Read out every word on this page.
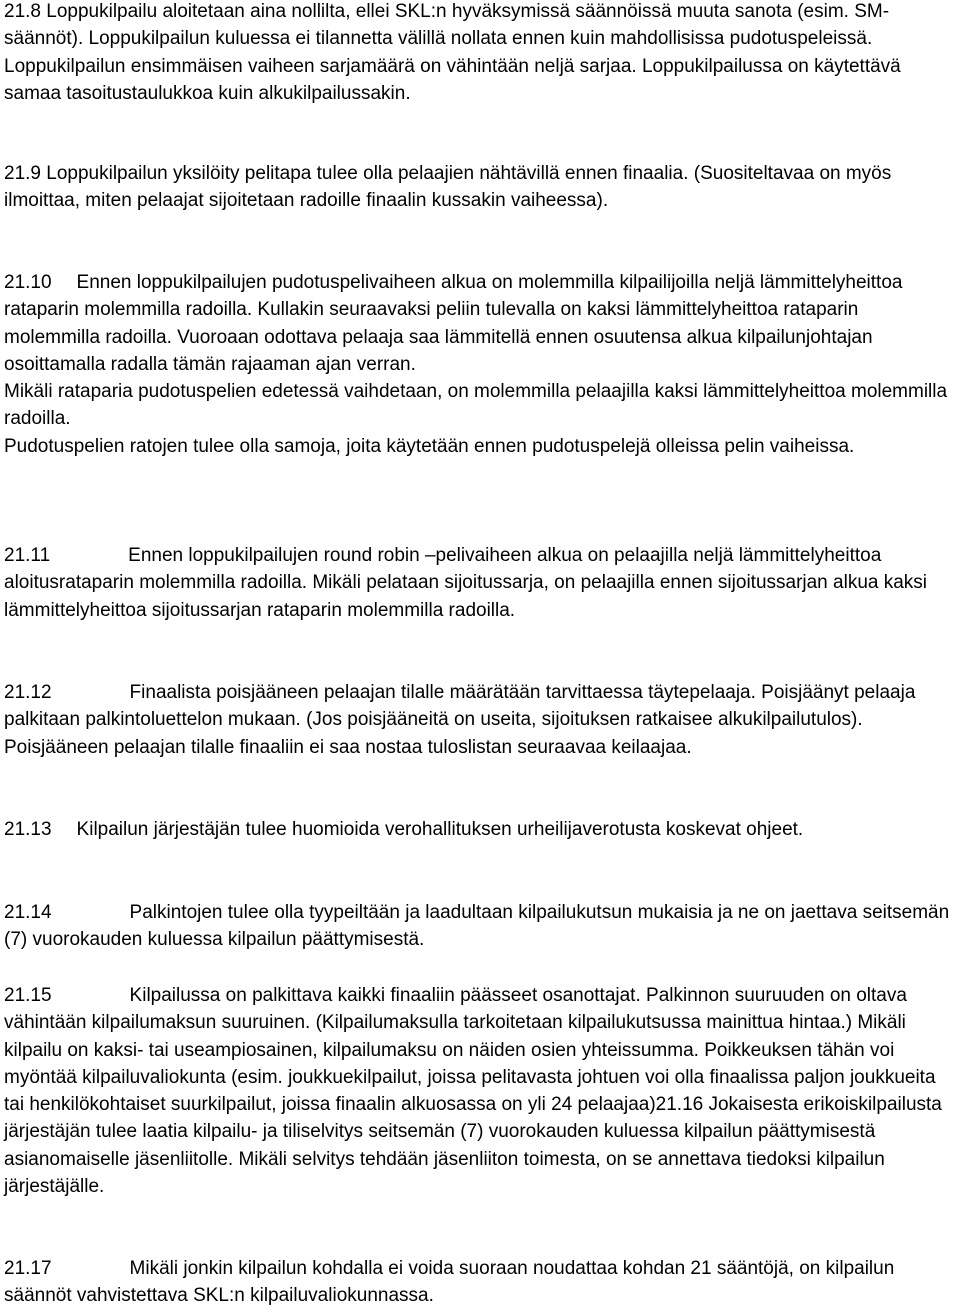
21.8 Loppukilpailu aloitetaan aina nollilta, ellei SKL:n hyväksymissä säännöissä muuta sanota (esim. SM-säännöt). Loppukilpailun kuluessa ei tilannetta välillä nollata ennen kuin mahdollisissa pudotuspeleissä. Loppukilpailun ensimmäisen vaiheen sarjamäärä on vähintään neljä sarjaa. Loppukilpailussa on käytettävä samaa tasoitustaulukkoa kuin alkukilpailussakin.

21.9 Loppukilpailun yksilöity pelitapa tulee olla pelaajien nähtävillä ennen finaalia. (Suositeltavaa on myös ilmoittaa, miten pelaajat sijoitetaan radoille finaalin kussakin vaiheessa).

21.10 Ennen loppukilpailujen pudotuspelivaiheen alkua on molemmilla kilpailijoilla neljä lämmittelyheittoa rataparin molemmilla radoilla. Kullakin seuraavaksi peliin tulevalla on kaksi lämmittelyheittoa rataparin molemmilla radoilla. Vuoroaan odottava pelaaja saa lämmitellä ennen osuutensa alkua kilpailunjohtajan osoittamalla radalla tämän rajaaman ajan verran.
Mikäli rataparia pudotuspelien edetessä vaihdetaan, on molemmilla pelaajilla kaksi lämmittelyheittoa molemmilla radoilla.
Pudotuspelien ratojen tulee olla samoja, joita käytetään ennen pudotuspelejä olleissa pelin vaiheissa.

21.11	Ennen loppukilpailujen round robin –pelivaiheen alkua on pelaajilla neljä lämmittelyheittoa aloitusrataparin molemmilla radoilla. Mikäli pelataan sijoitussarja, on pelaajilla ennen sijoitussarjan alkua kaksi lämmittelyheittoa sijoitussarjan rataparin molemmilla radoilla.

21.12	Finaalista poisjääneen pelaajan tilalle määrätään tarvittaessa täytepelaaja. Poisjäänyt pelaaja palkitaan palkintoluettelon mukaan. (Jos poisjääneitä on useita, sijoituksen ratkaisee alkukilpailutulos). Poisjääneen pelaajan tilalle finaaliin ei saa nostaa tuloslistan seuraavaa keilaajaa.

21.13 Kilpailun järjestäjän tulee huomioida verohallituksen urheilijaverotusta koskevat ohjeet.

21.14	Palkintojen tulee olla tyypeiltään ja laadultaan kilpailukutsun mukaisia ja ne on jaettava seitsemän (7) vuorokauden kuluessa kilpailun päättymisestä.

21.15	Kilpailussa on palkittava kaikki finaaliin päässeet osanottajat. Palkinnon suuruuden on oltava vähintään kilpailumaksun suuruinen. (Kilpailumaksulla tarkoitetaan kilpailukutsussa mainittua hintaa.) Mikäli kilpailu on kaksi- tai useampiosainen, kilpailumaksu on näiden osien yhteissumma. Poikkeuksen tähän voi myöntää kilpailuvaliokunta (esim. joukkuekilpailut, joissa pelitavasta johtuen voi olla finaalissa paljon joukkueita tai henkilökohtaiset suurkilpailut, joissa finaalin alkuosassa on yli 24 pelaajaa)21.16 Jokaisesta erikoiskilpailusta järjestäjän tulee laatia kilpailu- ja tiliselvitys seitsemän (7) vuorokauden kuluessa kilpailun päättymisestä asianomaiselle jäsenliitolle. Mikäli selvitys tehdään jäsenliiton toimesta, on se annettava tiedoksi kilpailun järjestäjälle.

21.17	Mikäli jonkin kilpailun kohdalla ei voida suoraan noudattaa kohdan 21 sääntöjä, on kilpailun säännöt vahvistettava SKL:n kilpailuvaliokunnassa.
